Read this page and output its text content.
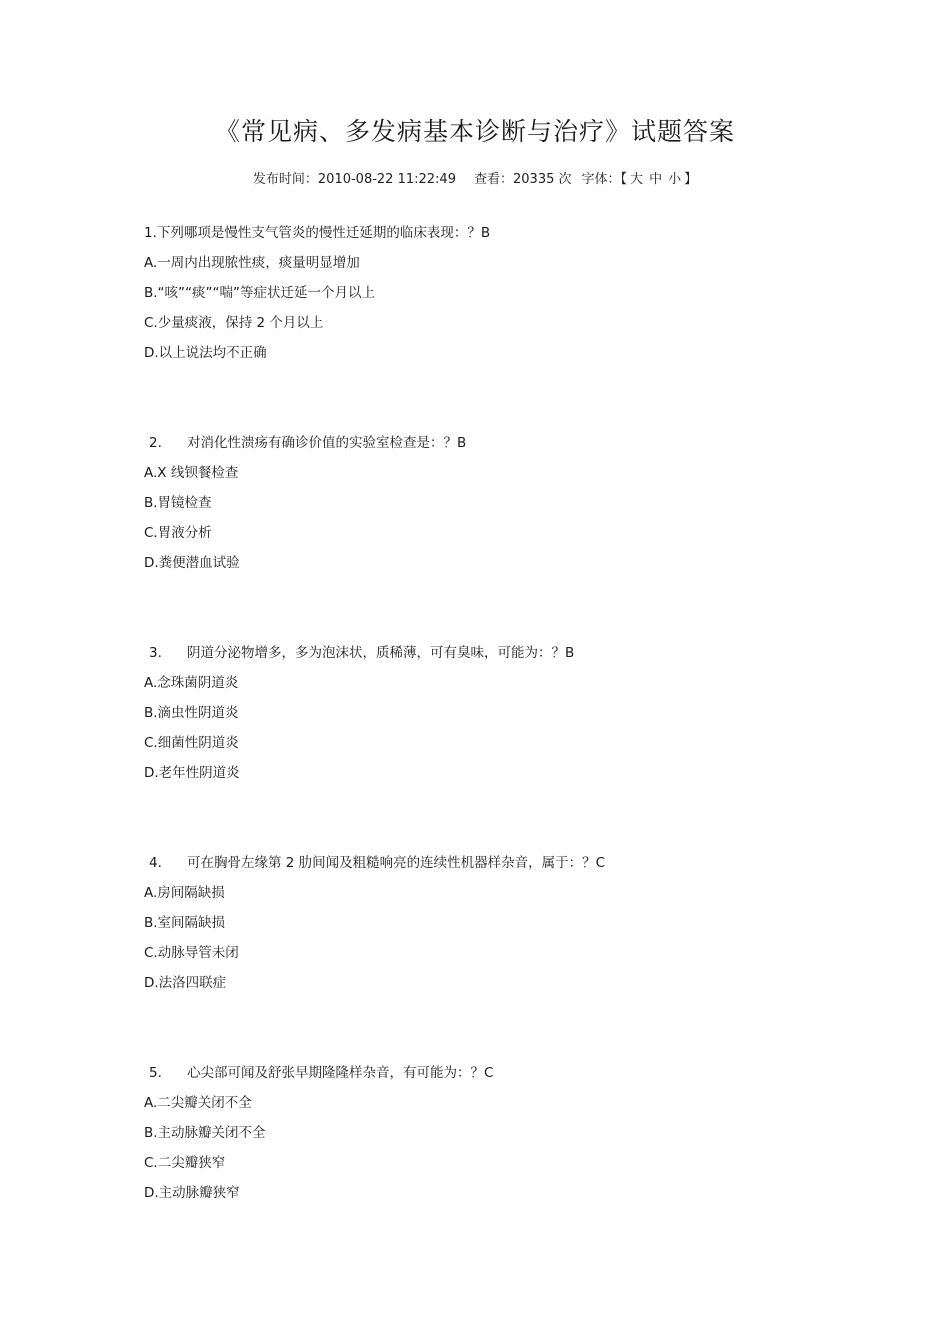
《常见病、多发病基本诊断与治疗》试题答案
发布时间：2010-08-22 11:22:49 查看：20335 次 字体：【 大 中 小 】
1.下列哪项是慢性支气管炎的慢性迁延期的临床表现：？B
A.一周内出现脓性痰，痰量明显增加
B.“咳”“痰”“喘”等症状迁延一个月以上
C.少量痰液，保持 2 个月以上
D.以上说法均不正确
2. 对消化性溃疡有确诊价值的实验室检查是：？B
A.X 线钡餐检查
B.胃镜检查
C.胃液分析
D.粪便潜血试验
3. 阴道分泌物增多，多为泡沫状，质稀薄，可有臭味，可能为：？B
A.念珠菌阴道炎
B.滴虫性阴道炎
C.细菌性阴道炎
D.老年性阴道炎
4. 可在胸骨左缘第 2 肋间闻及粗糙响亮的连续性机器样杂音，属于：？C
A.房间隔缺损
B.室间隔缺损
C.动脉导管未闭
D.法洛四联症
5. 心尖部可闻及舒张早期隆隆样杂音，有可能为：？C
A.二尖瓣关闭不全
B.主动脉瓣关闭不全
C.二尖瓣狭窄
D.主动脉瓣狭窄
